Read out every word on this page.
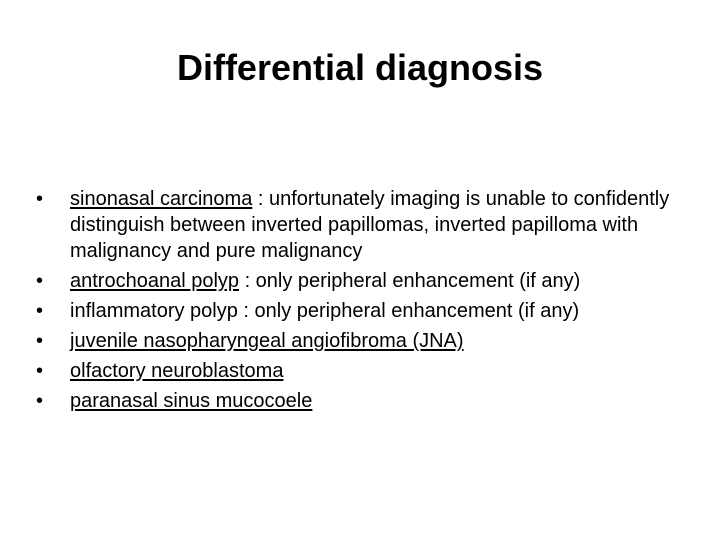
Differential diagnosis
•	sinonasal carcinoma : unfortunately imaging is unable to confidently distinguish between inverted papillomas, inverted papilloma with malignancy and pure malignancy
•	antrochoanal polyp : only peripheral enhancement (if any)
•	inflammatory polyp : only peripheral enhancement (if any)
•	juvenile nasopharyngeal angiofibroma (JNA)
•	olfactory neuroblastoma
•	paranasal sinus mucocoele
